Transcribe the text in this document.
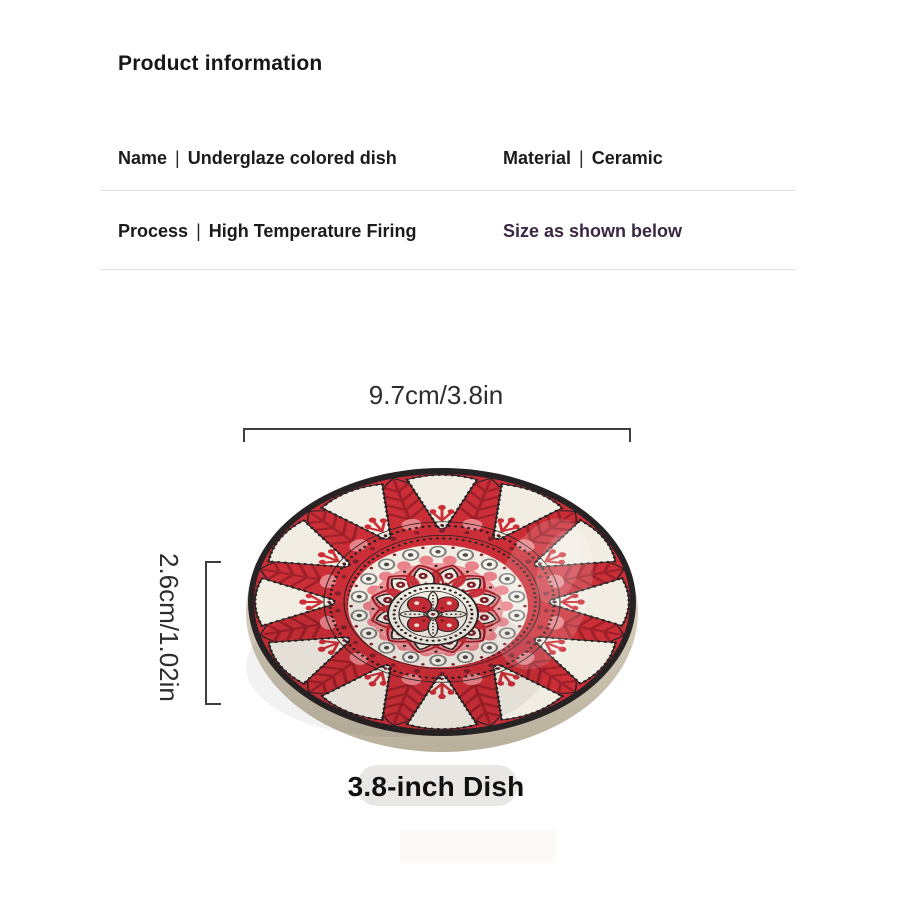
Product information
Name | Underglaze colored dish	Material | Ceramic
Process | High Temperature Firing	Size as shown below
9.7cm/3.8in
2.6cm/1.02in
3.8-inch Dish
